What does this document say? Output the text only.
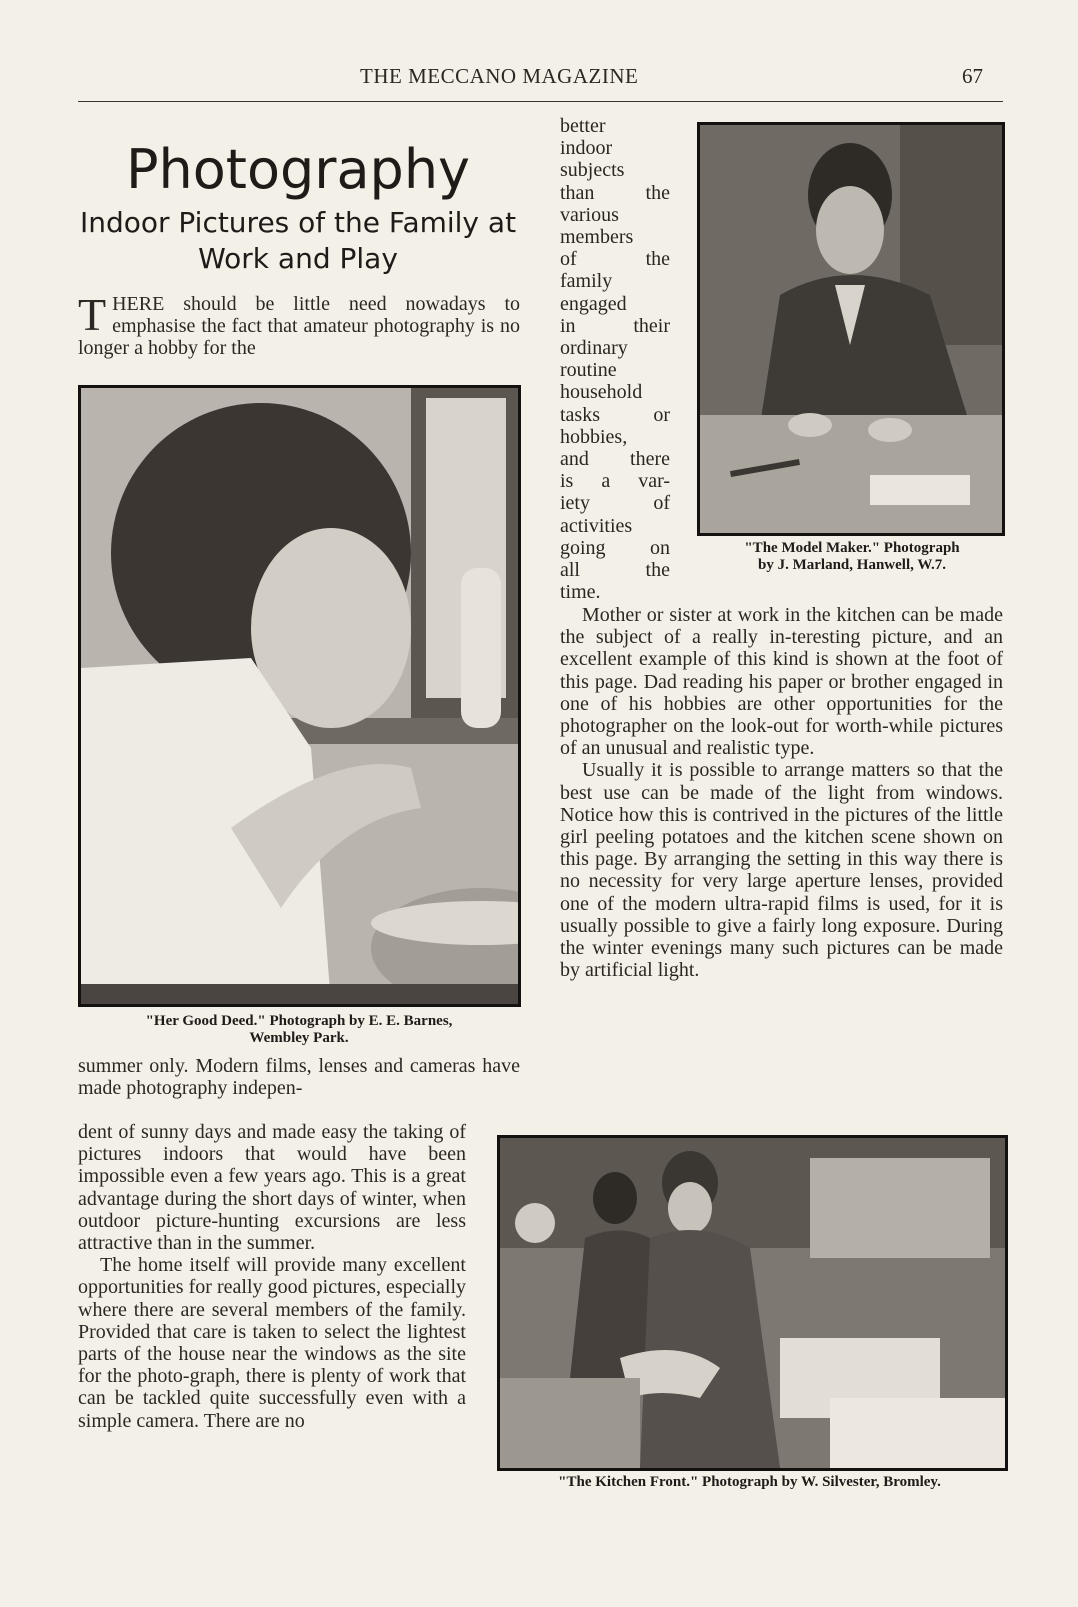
THE MECCANO MAGAZINE	67
Photography
Indoor Pictures of the Family at Work and Play
THERE should be little need nowadays to emphasise the fact that amateur photography is no longer a hobby for the
"Her Good Deed." Photograph by E. E. Barnes,
Wembley Park.
summer only. Modern films, lenses and cameras have made photography indepen-

dent of sunny days and made easy the taking of pictures indoors that would have been impossible even a few years ago. This is a great advantage during the short days of winter, when outdoor picture-hunting excursions are less attractive than in the summer.

The home itself will provide many excellent opportunities for really good pictures, especially where there are several members of the family. Provided that care is taken to select the lightest parts of the house near the windows as the site for the photo-graph, there is plenty of work that can be tackled quite successfully even with a simple camera. There are no

better
indoor
subjects
than the
various
members
of the
family
engaged
in their
ordinary
routine
household
tasks or
hobbies,
and there
is a var-
iety of
activities
going on
all the
time.
"The Model Maker." Photograph
by J. Marland, Hanwell, W.7.

Mother or sister at work in the kitchen can be made the subject of a really in-teresting picture, and an excellent example of this kind is shown at the foot of this page. Dad reading his paper or brother engaged in one of his hobbies are other opportunities for the photographer on the look-out for worth-while pictures of an unusual and realistic type.

Usually it is possible to arrange matters so that the best use can be made of the light from windows. Notice how this is contrived in the pictures of the little girl peeling potatoes and the kitchen scene shown on this page. By arranging the setting in this way there is no necessity for very large aperture lenses, provided one of the modern ultra-rapid films is used, for it is usually possible to give a fairly long exposure. During the winter evenings many such pictures can be made by artificial light.

"The Kitchen Front." Photograph by W. Silvester, Bromley.
